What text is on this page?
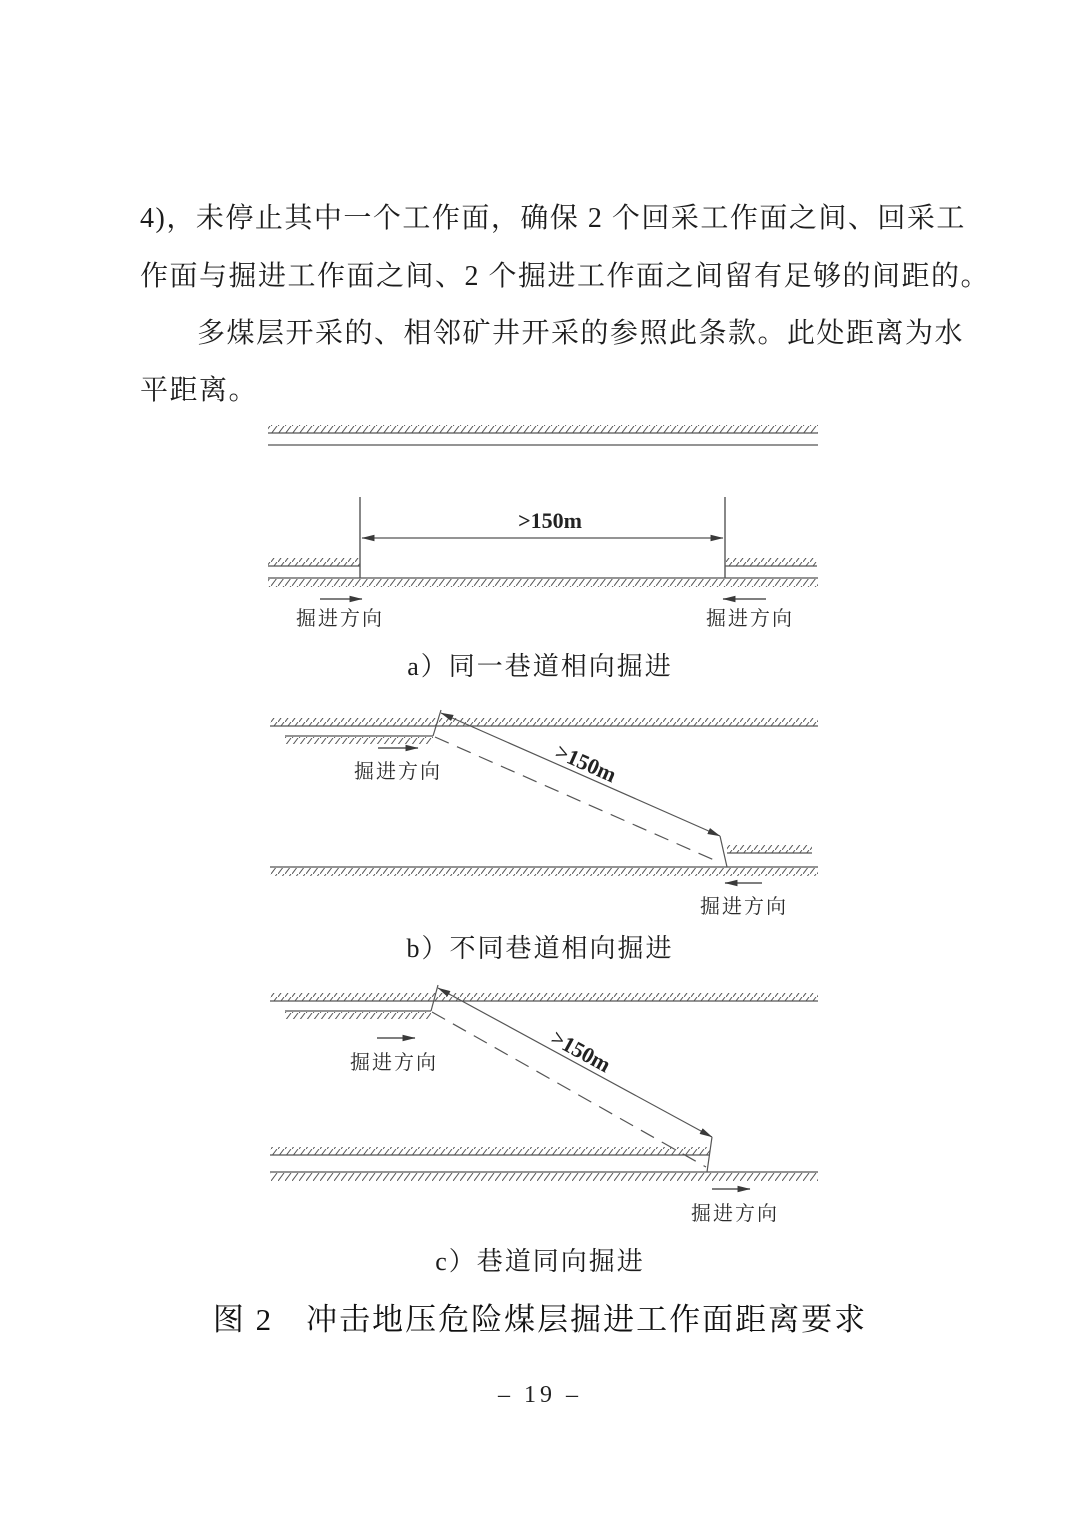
4)，未停止其中一个工作面，确保 2 个回采工作面之间、回采工
作面与掘进工作面之间、2 个掘进工作面之间留有足够的间距的。
多煤层开采的、相邻矿井开采的参照此条款。此处距离为水
平距离。
>150m
掘进方向	掘进方向
a）同一巷道相向掘进
>150m
掘进方向
掘进方向
b）不同巷道相向掘进
>150m
掘进方向
掘进方向
c）巷道同向掘进
图 2　冲击地压危险煤层掘进工作面距离要求
– 19 –
